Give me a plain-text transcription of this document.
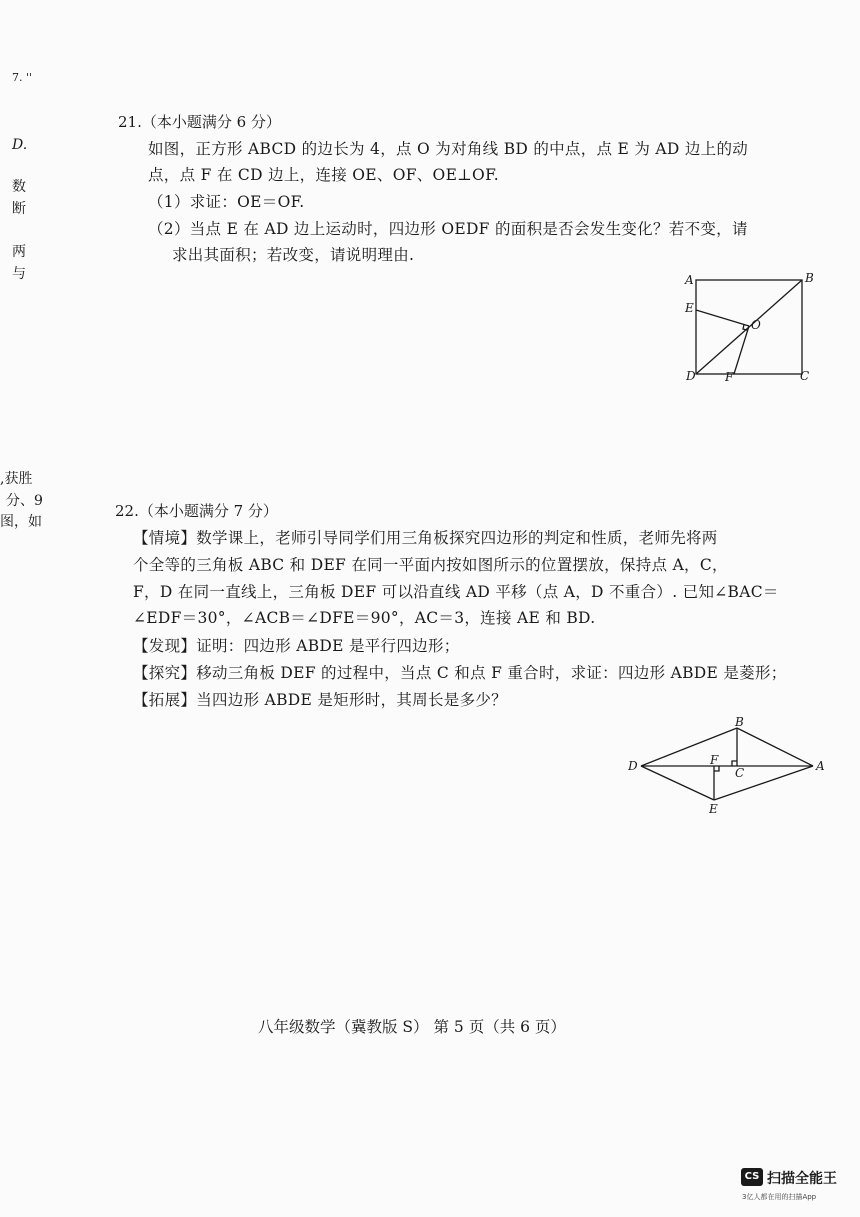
7. ''
D.
数
断
两
与
,获胜
分、9
图，如
21.（本小题满分 6 分）
如图，正方形 ABCD 的边长为 4，点 O 为对角线 BD 的中点，点 E 为 AD 边上的动
点，点 F 在 CD 边上，连接 OE、OF、OE⊥OF.
（1）求证：OE＝OF.
（2）当点 E 在 AD 边上运动时，四边形 OEDF 的面积是否会发生变化？若不变，请
求出其面积；若改变，请说明理由.
A	B
C
D
E
F
O
22.（本小题满分 7 分）
【情境】数学课上，老师引导同学们用三角板探究四边形的判定和性质，老师先将两
个全等的三角板 ABC 和 DEF 在同一平面内按如图所示的位置摆放，保持点 A，C，
F，D 在同一直线上，三角板 DEF 可以沿直线 AD 平移（点 A，D 不重合）. 已知∠BAC＝
∠EDF＝30°，∠ACB＝∠DFE＝90°，AC＝3，连接 AE 和 BD.
【发现】证明：四边形 ABDE 是平行四边形；
【探究】移动三角板 DEF 的过程中，当点 C 和点 F 重合时，求证：四边形 ABDE 是菱形；
【拓展】当四边形 ABDE 是矩形时，其周长是多少？
B
D	A
F
C
E
八年级数学（冀教版 S） 第 5 页（共 6 页）
CS 扫描全能王
3亿人都在用的扫描App
